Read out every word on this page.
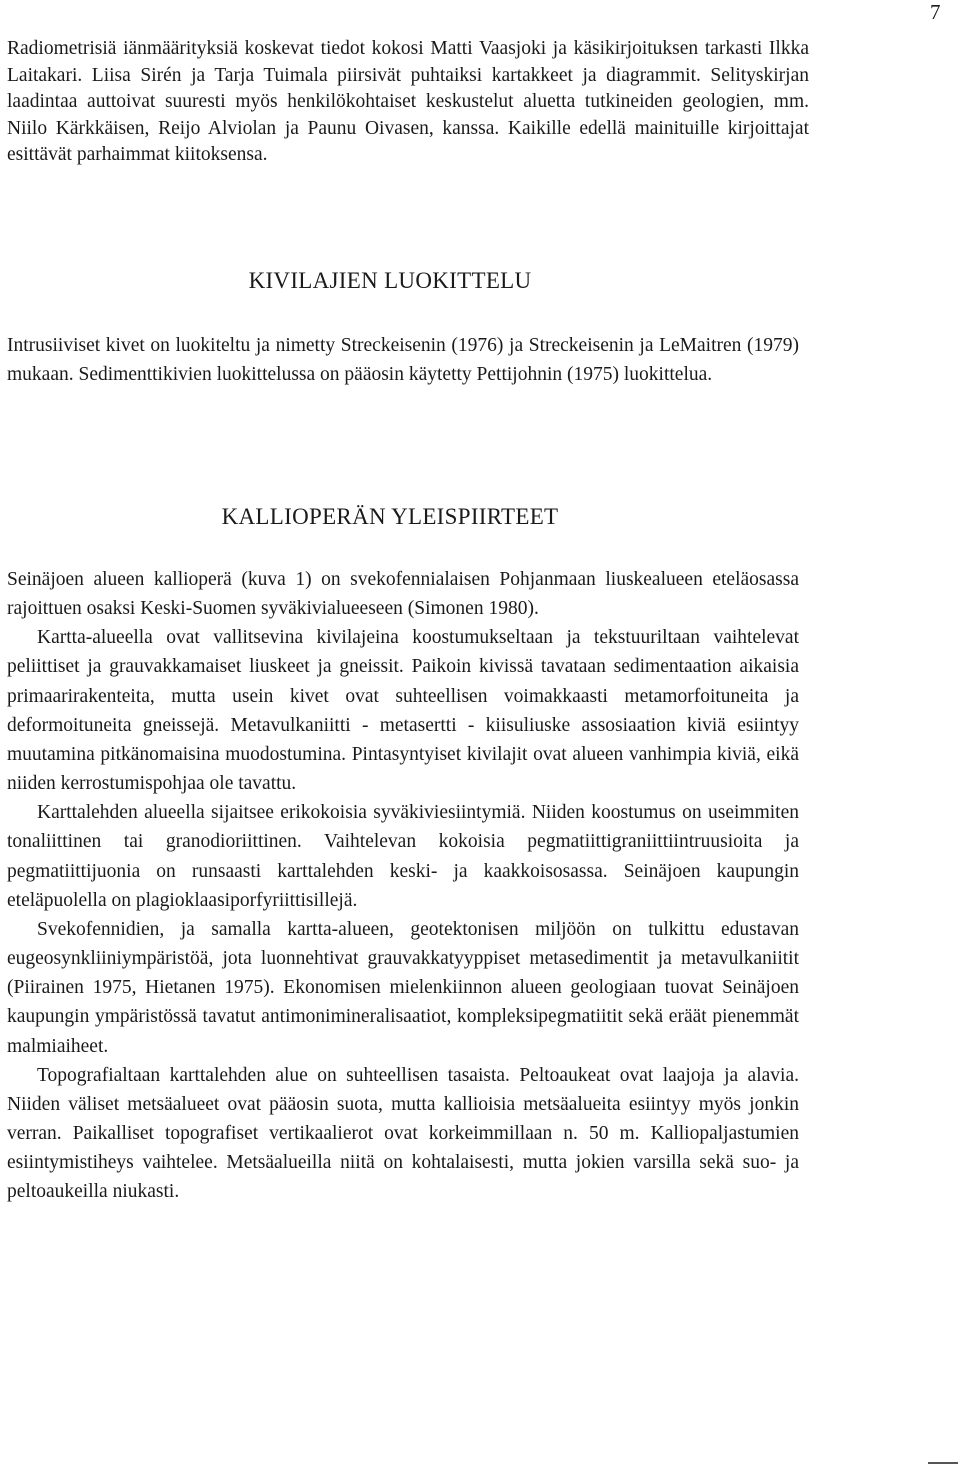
7

Radiometrisiä iänmäärityksiä koskevat tiedot kokosi Matti Vaasjoki ja käsikirjoituksen tarkasti Ilkka Laitakari. Liisa Sirén ja Tarja Tuimala piirsivät puhtaiksi kartakkeet ja diagrammit. Selityskirjan laadintaa auttoivat suuresti myös henkilökohtaiset keskustelut aluetta tutkineiden geologien, mm. Niilo Kärkkäisen, Reijo Alviolan ja Paunu Oivasen, kanssa. Kaikille edellä mainituille kirjoittajat esittävät parhaimmat kiitoksensa.

KIVILAJIEN LUOKITTELU

Intrusiiviset kivet on luokiteltu ja nimetty Streckeisenin (1976) ja Streckeisenin ja LeMaitren (1979) mukaan. Sedimenttikivien luokittelussa on pääosin käytetty Pettijohnin (1975) luokittelua.

KALLIOPERÄN YLEISPIIRTEET

Seinäjoen alueen kallioperä (kuva 1) on svekofennialaisen Pohjanmaan liuskealueen eteläosassa rajoittuen osaksi Keski-Suomen syväkivialueeseen (Simonen 1980).

Kartta-alueella ovat vallitsevina kivilajeina koostumukseltaan ja tekstuuriltaan vaihtelevat peliittiset ja grauvakkamaiset liuskeet ja gneissit. Paikoin kivissä tavataan sedimentaation aikaisia primaarirakenteita, mutta usein kivet ovat suhteellisen voimakkaasti metamorfoituneita ja deformoituneita gneissejä. Metavulkaniitti - metasertti - kiisuliuske assosiaation kiviä esiintyy muutamina pitkänomaisina muodostumina. Pintasyntyiset kivilajit ovat alueen vanhimpia kiviä, eikä niiden kerrostumispohjaa ole tavattu.

Karttalehden alueella sijaitsee erikokoisia syväkiviesiintymiä. Niiden koostumus on useimmiten tonaliittinen tai granodioriittinen. Vaihtelevan kokoisia pegmatiittigraniittiintruusioita ja pegmatiittijuonia on runsaasti karttalehden keski- ja kaakkoisosassa. Seinäjoen kaupungin eteläpuolella on plagioklaasiporfyriittisillejä.

Svekofennidien, ja samalla kartta-alueen, geotektonisen miljöön on tulkittu edustavan eugeosynkliiniympäristöä, jota luonnehtivat grauvakkatyyppiset metasedimentit ja metavulkaniitit (Piirainen 1975, Hietanen 1975). Ekonomisen mielenkiinnon alueen geologiaan tuovat Seinäjoen kaupungin ympäristössä tavatut antimonimineralisaatiot, kompleksipegmatiitit sekä eräät pienemmät malmiaiheet.

Topografialtaan karttalehden alue on suhteellisen tasaista. Peltoaukeat ovat laajoja ja alavia. Niiden väliset metsäalueet ovat pääosin suota, mutta kallioisia metsäalueita esiintyy myös jonkin verran. Paikalliset topografiset vertikaalierot ovat korkeimmillaan n. 50 m. Kalliopaljastumien esiintymistiheys vaihtelee. Metsäalueilla niitä on kohtalaisesti, mutta jokien varsilla sekä suo- ja peltoaukeilla niukasti.
